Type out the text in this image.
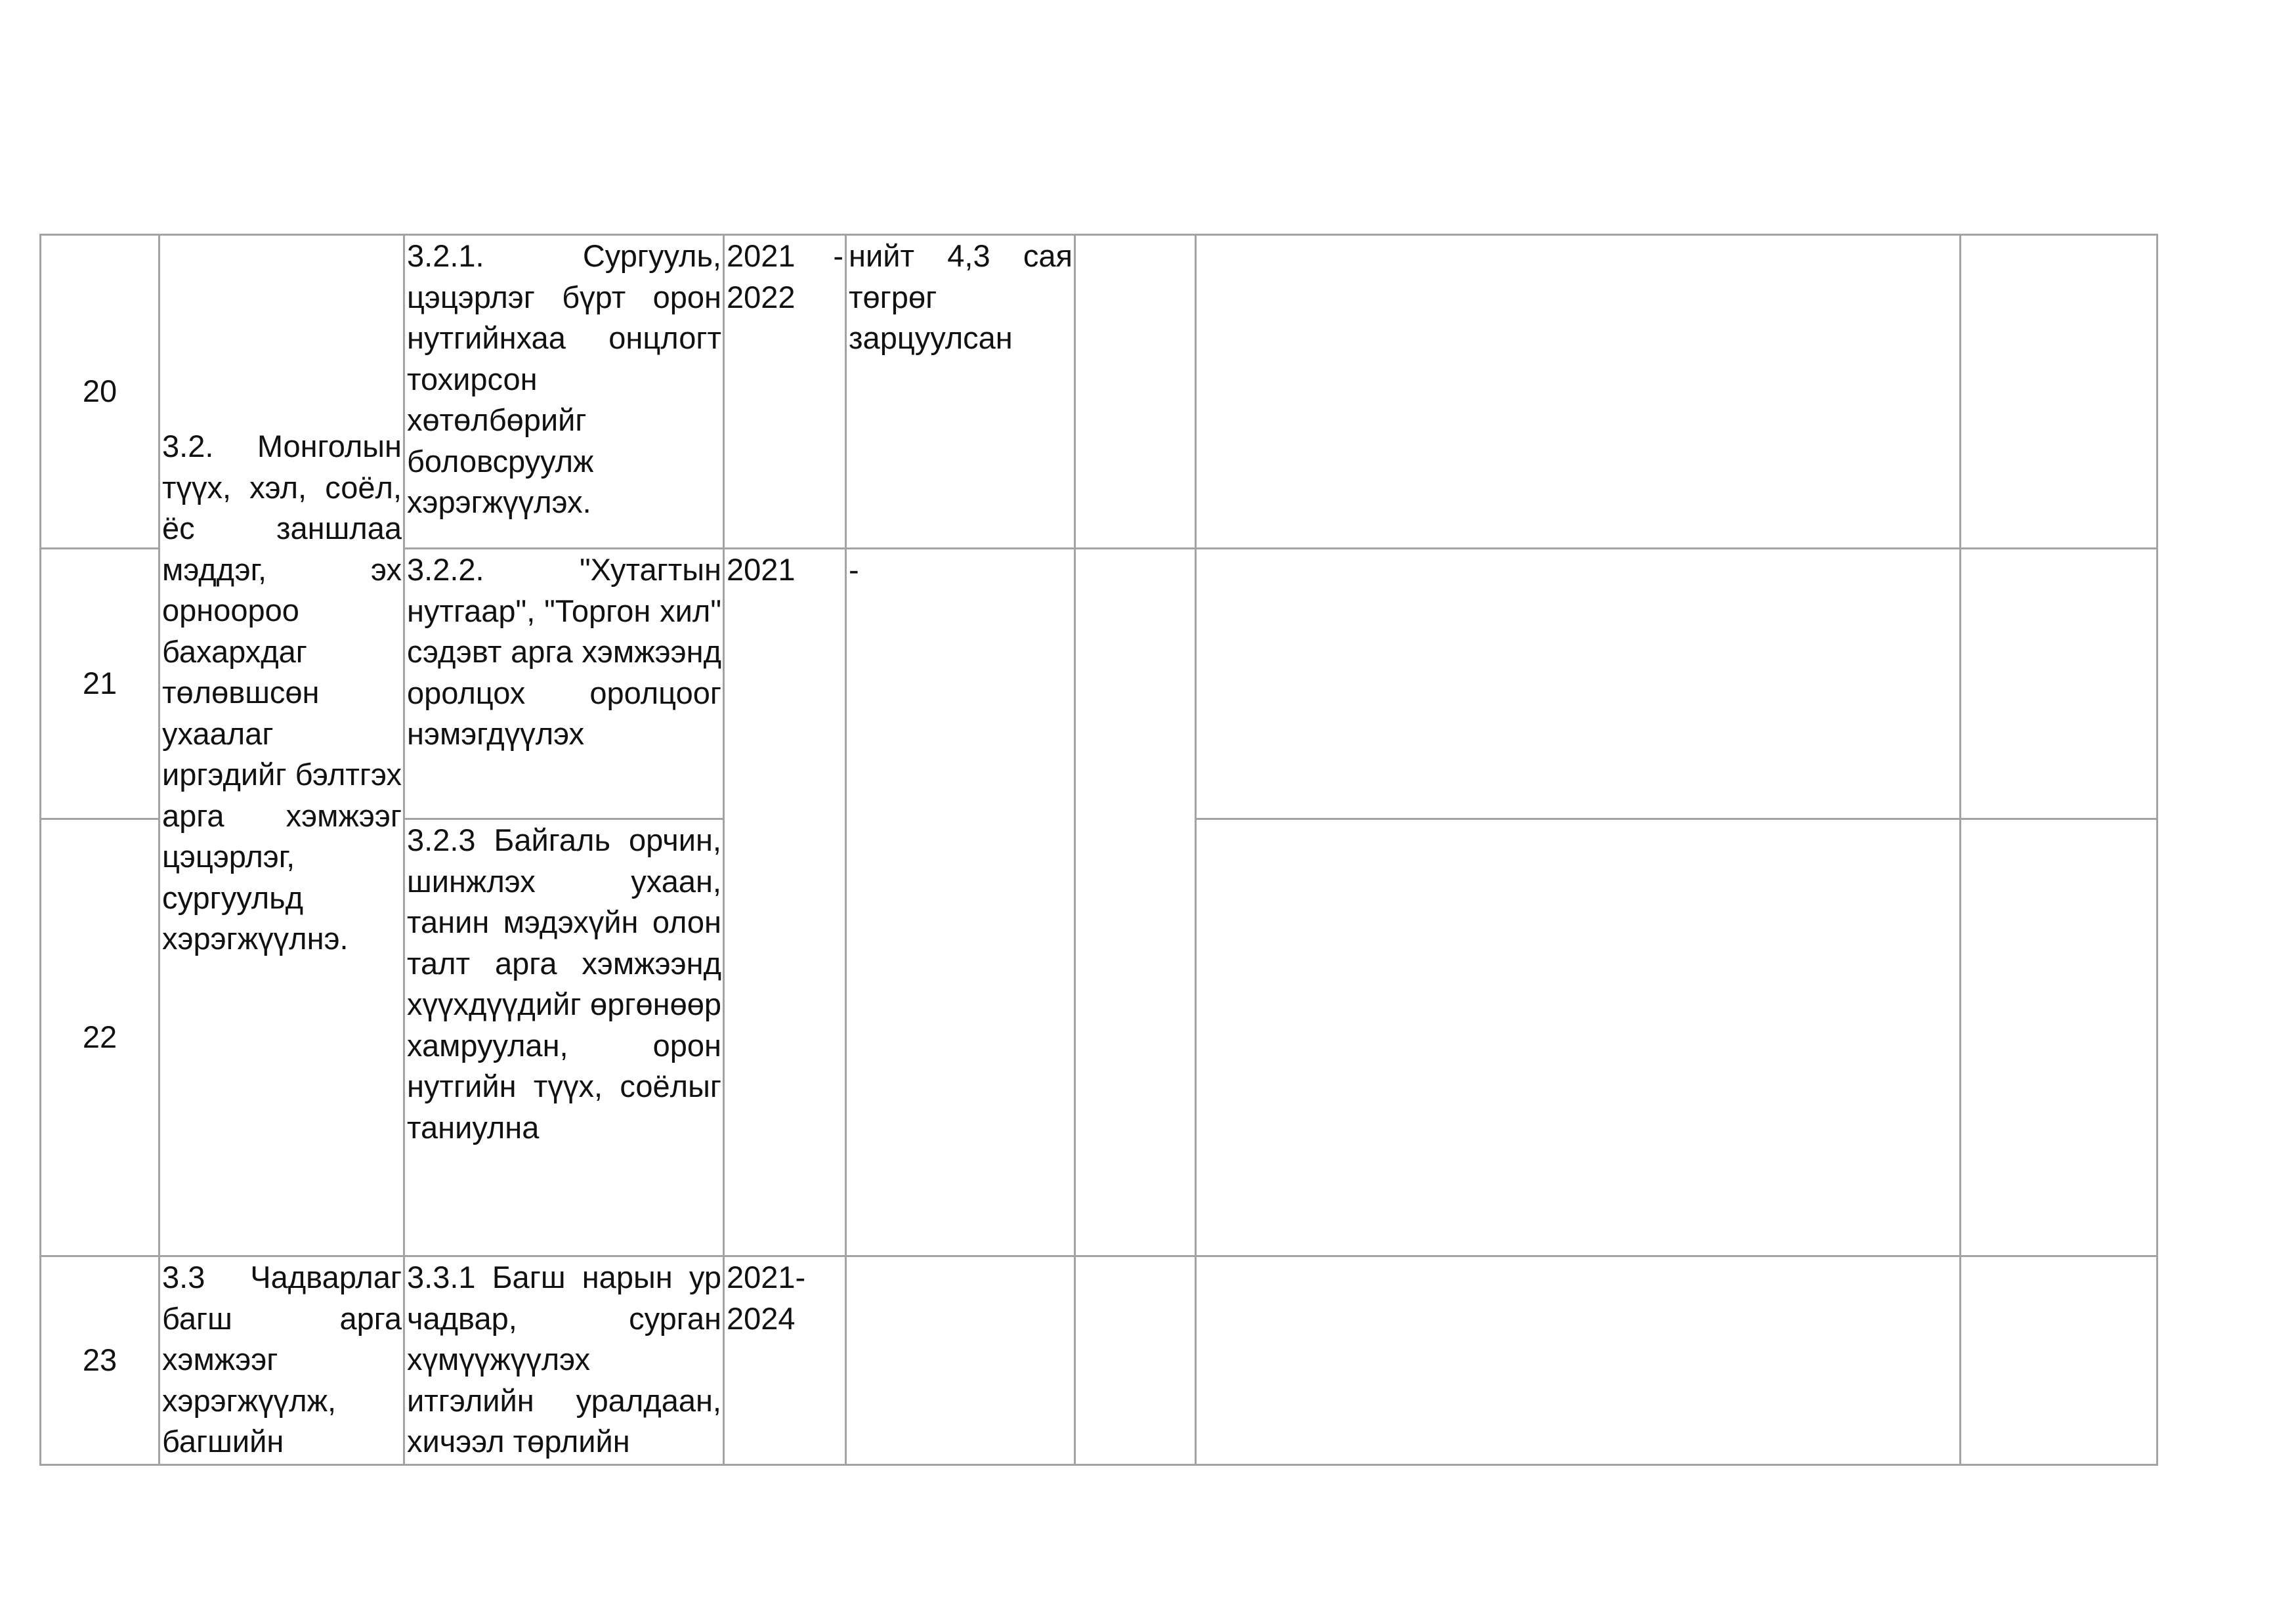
20	3.2. Монголын түүх, хэл, соёл, ёс заншлаа мэддэг, эх орноороо бахархдаг төлөвшсөн ухаалаг иргэдийг бэлтгэх арга хэмжээг цэцэрлэг, сургуульд хэрэгжүүлнэ.	3.2.1. Сургууль, цэцэрлэг бүрт орон нутгийнхаа онцлогт тохирсон хөтөлбөрийг боловсруулж хэрэгжүүлэх.	2021 - 2022	нийт 4,3 сая төгрөг зарцуулсан			

21		3.2.2. "Хутагтын нутгаар", "Торгон хил" сэдэвт арга хэмжээнд оролцох оролцоог нэмэгдүүлэх	2021	-			

22		3.2.3 Байгаль орчин, шинжлэх ухаан, танин мэдэхүйн олон талт арга хэмжээнд хүүхдүүдийг өргөнөөр хамруулан, орон нутгийн түүх, соёлыг таниулна					

23	3.3 Чадварлаг багш арга хэмжээг хэрэгжүүлж, багшийн	3.3.1 Багш нарын ур чадвар, сурган хүмүүжүүлэх итгэлийн уралдаан, хичээл төрлийн	2021-2024				
